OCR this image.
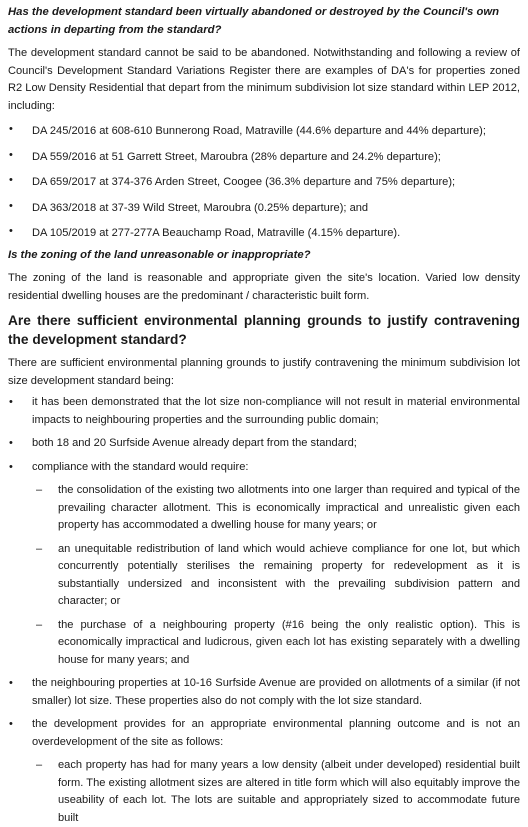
Has the development standard been virtually abandoned or destroyed by the Council's own actions in departing from the standard?

The development standard cannot be said to be abandoned. Notwithstanding and following a review of Council's Development Standard Variations Register there are examples of DA's for properties zoned R2 Low Density Residential that depart from the minimum subdivision lot size standard within LEP 2012, including:

• DA 245/2016 at 608-610 Bunnerong Road, Matraville (44.6% departure and 44% departure);
• DA 559/2016 at 51 Garrett Street, Maroubra (28% departure and 24.2% departure);
• DA 659/2017 at 374-376 Arden Street, Coogee (36.3% departure and 75% departure);
• DA 363/2018 at 37-39 Wild Street, Maroubra (0.25% departure); and
• DA 105/2019 at 277-277A Beauchamp Road, Matraville (4.15% departure).

Is the zoning of the land unreasonable or inappropriate?

The zoning of the land is reasonable and appropriate given the site's location. Varied low density residential dwelling houses are the predominant / characteristic built form.

Are there sufficient environmental planning grounds to justify contravening the development standard?

There are sufficient environmental planning grounds to justify contravening the minimum subdivision lot size development standard being:

• it has been demonstrated that the lot size non-compliance will not result in material environmental impacts to neighbouring properties and the surrounding public domain;

• both 18 and 20 Surfside Avenue already depart from the standard;

• compliance with the standard would require:

– the consolidation of the existing two allotments into one larger than required and typical of the prevailing character allotment. This is economically impractical and unrealistic given each property has accommodated a dwelling house for many years; or

– an unequitable redistribution of land which would achieve compliance for one lot, but which concurrently potentially sterilises the remaining property for redevelopment as it is substantially undersized and inconsistent with the prevailing subdivision pattern and character; or

– the purchase of a neighbouring property (#16 being the only realistic option). This is economically impractical and ludicrous, given each lot has existing separately with a dwelling house for many years; and

• the neighbouring properties at 10-16 Surfside Avenue are provided on allotments of a similar (if not smaller) lot size. These properties also do not comply with the lot size standard.

• the development provides for an appropriate environmental planning outcome and is not an overdevelopment of the site as follows:

– each property has had for many years a low density (albeit under developed) residential built form. The existing allotment sizes are altered in title form which will also equitably improve the useability of each lot. The lots are suitable and appropriately sized to accommodate future built
